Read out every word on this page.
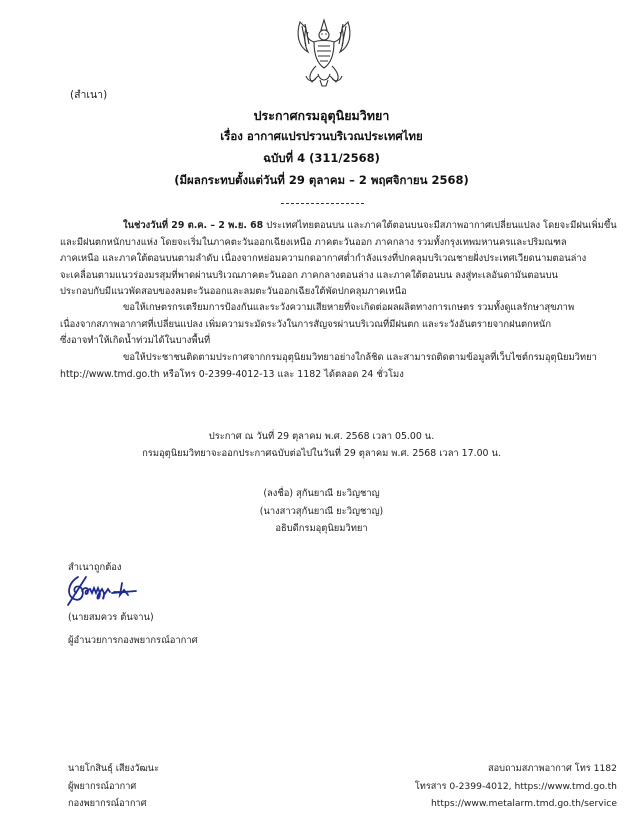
(สำเนา)
ประกาศกรมอุตุนิยมวิทยา
เรื่อง อากาศแปรปรวนบริเวณประเทศไทย
ฉบับที่ 4 (311/2568)
(มีผลกระทบตั้งแต่วันที่ 29 ตุลาคม – 2 พฤศจิกายน 2568)
ในช่วงวันที่ 29 ต.ค. – 2 พ.ย. 68 ประเทศไทยตอนบน และภาคใต้ตอนบนจะมีสภาพอากาศเปลี่ยนแปลง โดยจะมีฝนเพิ่มขึ้น
และมีฝนตกหนักบางแห่ง โดยจะเริ่มในภาคตะวันออกเฉียงเหนือ ภาคตะวันออก ภาคกลาง รวมทั้งกรุงเทพมหานครและปริมณฑล
ภาคเหนือ และภาคใต้ตอนบนตามลำดับ เนื่องจากหย่อมความกดอากาศต่ำกำลังแรงที่ปกคลุมบริเวณชายฝั่งประเทศเวียดนามตอนล่าง
จะเคลื่อนตามแนวร่องมรสุมที่พาดผ่านบริเวณภาคตะวันออก ภาคกลางตอนล่าง และภาคใต้ตอนบน ลงสู่ทะเลอันดามันตอนบน
ประกอบกับมีแนวพัดสอบของลมตะวันออกและลมตะวันออกเฉียงใต้พัดปกคลุมภาคเหนือ
ขอให้เกษตรกรเตรียมการป้องกันและระวังความเสียหายที่จะเกิดต่อผลผลิตทางการเกษตร รวมทั้งดูแลรักษาสุขภาพ
เนื่องจากสภาพอากาศที่เปลี่ยนแปลง เพิ่มความระมัดระวังในการสัญจรผ่านบริเวณที่มีฝนตก และระวังอันตรายจากฝนตกหนัก
ซึ่งอาจทำให้เกิดน้ำท่วมได้ในบางพื้นที่
ขอให้ประชาชนติดตามประกาศจากกรมอุตุนิยมวิทยาอย่างใกล้ชิด และสามารถติดตามข้อมูลที่เว็บไซต์กรมอุตุนิยมวิทยา
http://www.tmd.go.th หรือโทร 0-2399-4012-13 และ 1182 ได้ตลอด 24 ชั่วโมง
ประกาศ ณ วันที่ 29 ตุลาคม พ.ศ. 2568 เวลา 05.00 น.
กรมอุตุนิยมวิทยาจะออกประกาศฉบับต่อไปในวันที่ 29 ตุลาคม พ.ศ. 2568 เวลา 17.00 น.
(ลงชื่อ) สุกันยาณี ยะวิญชาญ
(นางสาวสุกันยาณี ยะวิญชาญ)
อธิบดีกรมอุตุนิยมวิทยา
สำเนาถูกต้อง
(นายสมควร ต้นจาน)
ผู้อำนวยการกองพยากรณ์อากาศ
นายโกสินธุ์ เสียงวัฒนะ
ผู้พยากรณ์อากาศ
กองพยากรณ์อากาศ
สอบถามสภาพอากาศ โทร 1182
โทรสาร 0-2399-4012, https://www.tmd.go.th
https://www.metalarm.tmd.go.th/service
